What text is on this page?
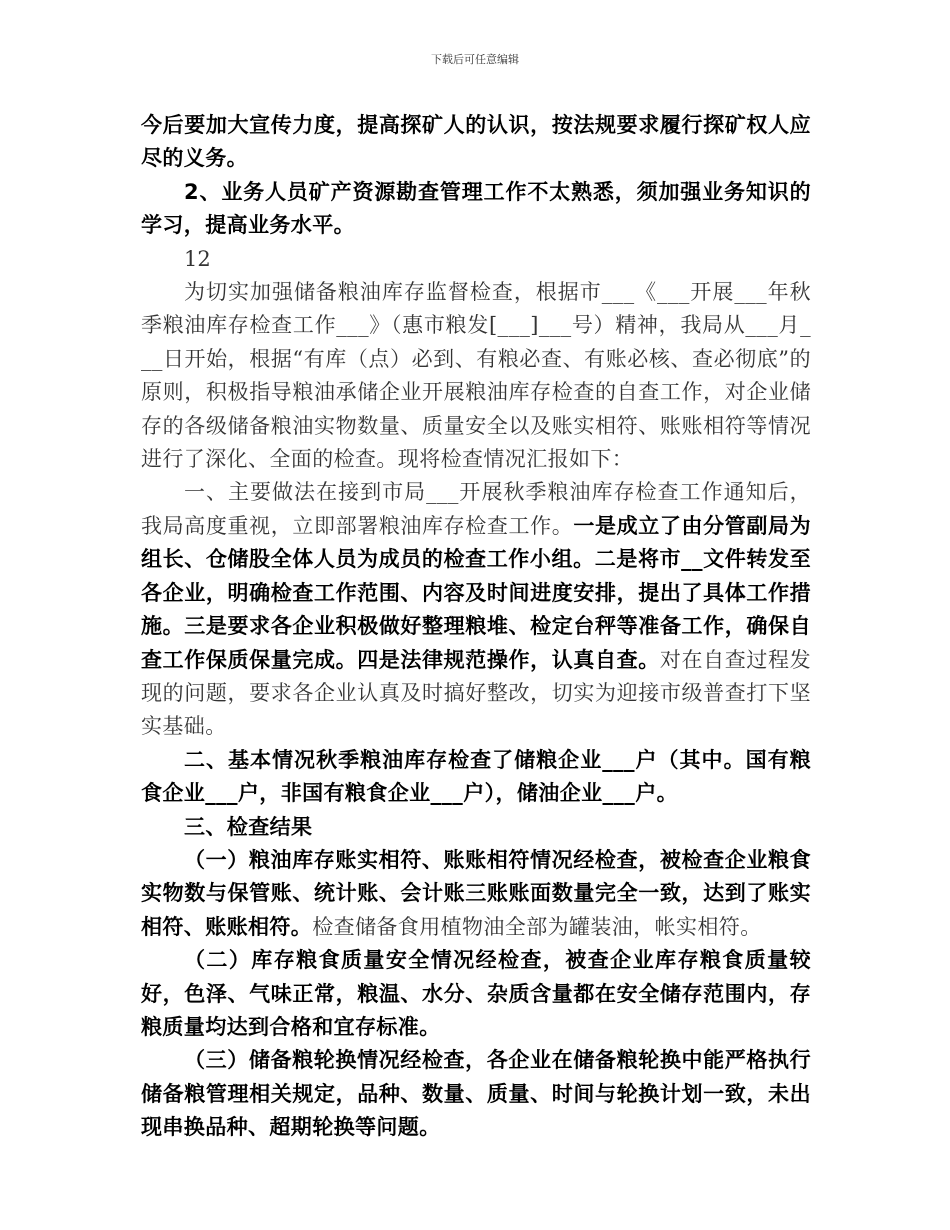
下载后可任意编辑

今后要加大宣传力度，提高探矿人的认识，按法规要求履行探矿权人应尽的义务。

2、业务人员矿产资源勘查管理工作不太熟悉，须加强业务知识的学习，提高业务水平。

12

为切实加强储备粮油库存监督检查，根据市___《___开展___年秋季粮油库存检查工作___》（惠市粮发[___]___号）精神，我局从___月___日开始，根据“有库（点）必到、有粮必查、有账必核、查必彻底”的原则，积极指导粮油承储企业开展粮油库存检查的自查工作，对企业储存的各级储备粮油实物数量、质量安全以及账实相符、账账相符等情况进行了深化、全面的检查。现将检查情况汇报如下：

一、主要做法在接到市局___开展秋季粮油库存检查工作通知后，我局高度重视，立即部署粮油库存检查工作。一是成立了由分管副局为组长、仓储股全体人员为成员的检查工作小组。二是将市__文件转发至各企业，明确检查工作范围、内容及时间进度安排，提出了具体工作措施。三是要求各企业积极做好整理粮堆、检定台秤等准备工作，确保自查工作保质保量完成。四是法律规范操作，认真自查。对在自查过程发现的问题，要求各企业认真及时搞好整改，切实为迎接市级普查打下坚实基础。

二、基本情况秋季粮油库存检查了储粮企业___户（其中。国有粮食企业___户，非国有粮食企业___户），储油企业___户。

三、检查结果

（一）粮油库存账实相符、账账相符情况经检查，被检查企业粮食实物数与保管账、统计账、会计账三账账面数量完全一致，达到了账实相符、账账相符。检查储备食用植物油全部为罐装油，帐实相符。

（二）库存粮食质量安全情况经检查，被查企业库存粮食质量较好，色泽、气味正常，粮温、水分、杂质含量都在安全储存范围内，存粮质量均达到合格和宜存标准。

（三）储备粮轮换情况经检查，各企业在储备粮轮换中能严格执行储备粮管理相关规定，品种、数量、质量、时间与轮换计划一致，未出现串换品种、超期轮换等问题。
